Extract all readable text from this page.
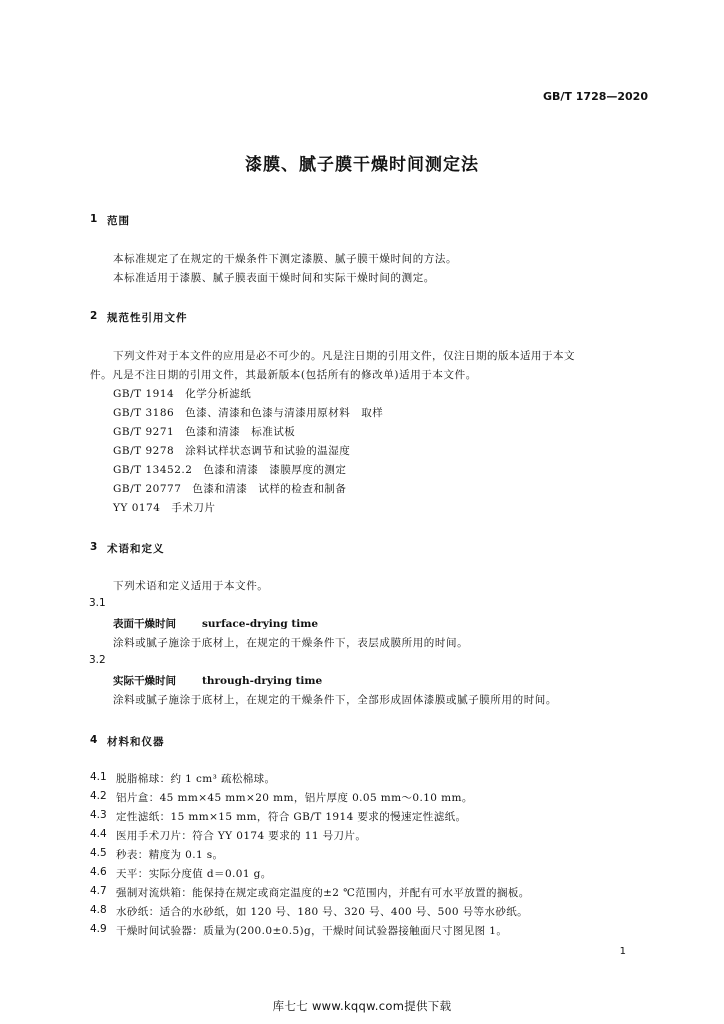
GB/T 1728—2020
漆膜、腻子膜干燥时间测定法
1 范围
本标准规定了在规定的干燥条件下测定漆膜、腻子膜干燥时间的方法。
本标准适用于漆膜、腻子膜表面干燥时间和实际干燥时间的测定。
2 规范性引用文件
下列文件对于本文件的应用是必不可少的。凡是注日期的引用文件，仅注日期的版本适用于本文
件。凡是不注日期的引用文件，其最新版本(包括所有的修改单)适用于本文件。
GB/T 1914　化学分析滤纸
GB/T 3186　色漆、清漆和色漆与清漆用原材料　取样
GB/T 9271　色漆和清漆　标准试板
GB/T 9278　涂料试样状态调节和试验的温湿度
GB/T 13452.2　色漆和清漆　漆膜厚度的测定
GB/T 20777　色漆和清漆　试样的检查和制备
YY 0174　手术刀片
3 术语和定义
下列术语和定义适用于本文件。
3.1
表面干燥时间 surface-drying time
涂料或腻子施涂于底材上，在规定的干燥条件下，表层成膜所用的时间。
3.2
实际干燥时间 through-drying time
涂料或腻子施涂于底材上，在规定的干燥条件下，全部形成固体漆膜或腻子膜所用的时间。
4 材料和仪器
4.1 脱脂棉球：约 1 cm³ 疏松棉球。
4.2 铝片盒：45 mm×45 mm×20 mm，铝片厚度 0.05 mm～0.10 mm。
4.3 定性滤纸：15 mm×15 mm，符合 GB/T 1914 要求的慢速定性滤纸。
4.4 医用手术刀片：符合 YY 0174 要求的 11 号刀片。
4.5 秒表：精度为 0.1 s。
4.6 天平：实际分度值 d＝0.01 g。
4.7 强制对流烘箱：能保持在规定或商定温度的±2 ℃范围内，并配有可水平放置的搁板。
4.8 水砂纸：适合的水砂纸，如 120 号、180 号、320 号、400 号、500 号等水砂纸。
4.9 干燥时间试验器：质量为(200.0±0.5)g，干燥时间试验器接触面尺寸图见图 1。
1
库七七 www.kqqw.com提供下载
